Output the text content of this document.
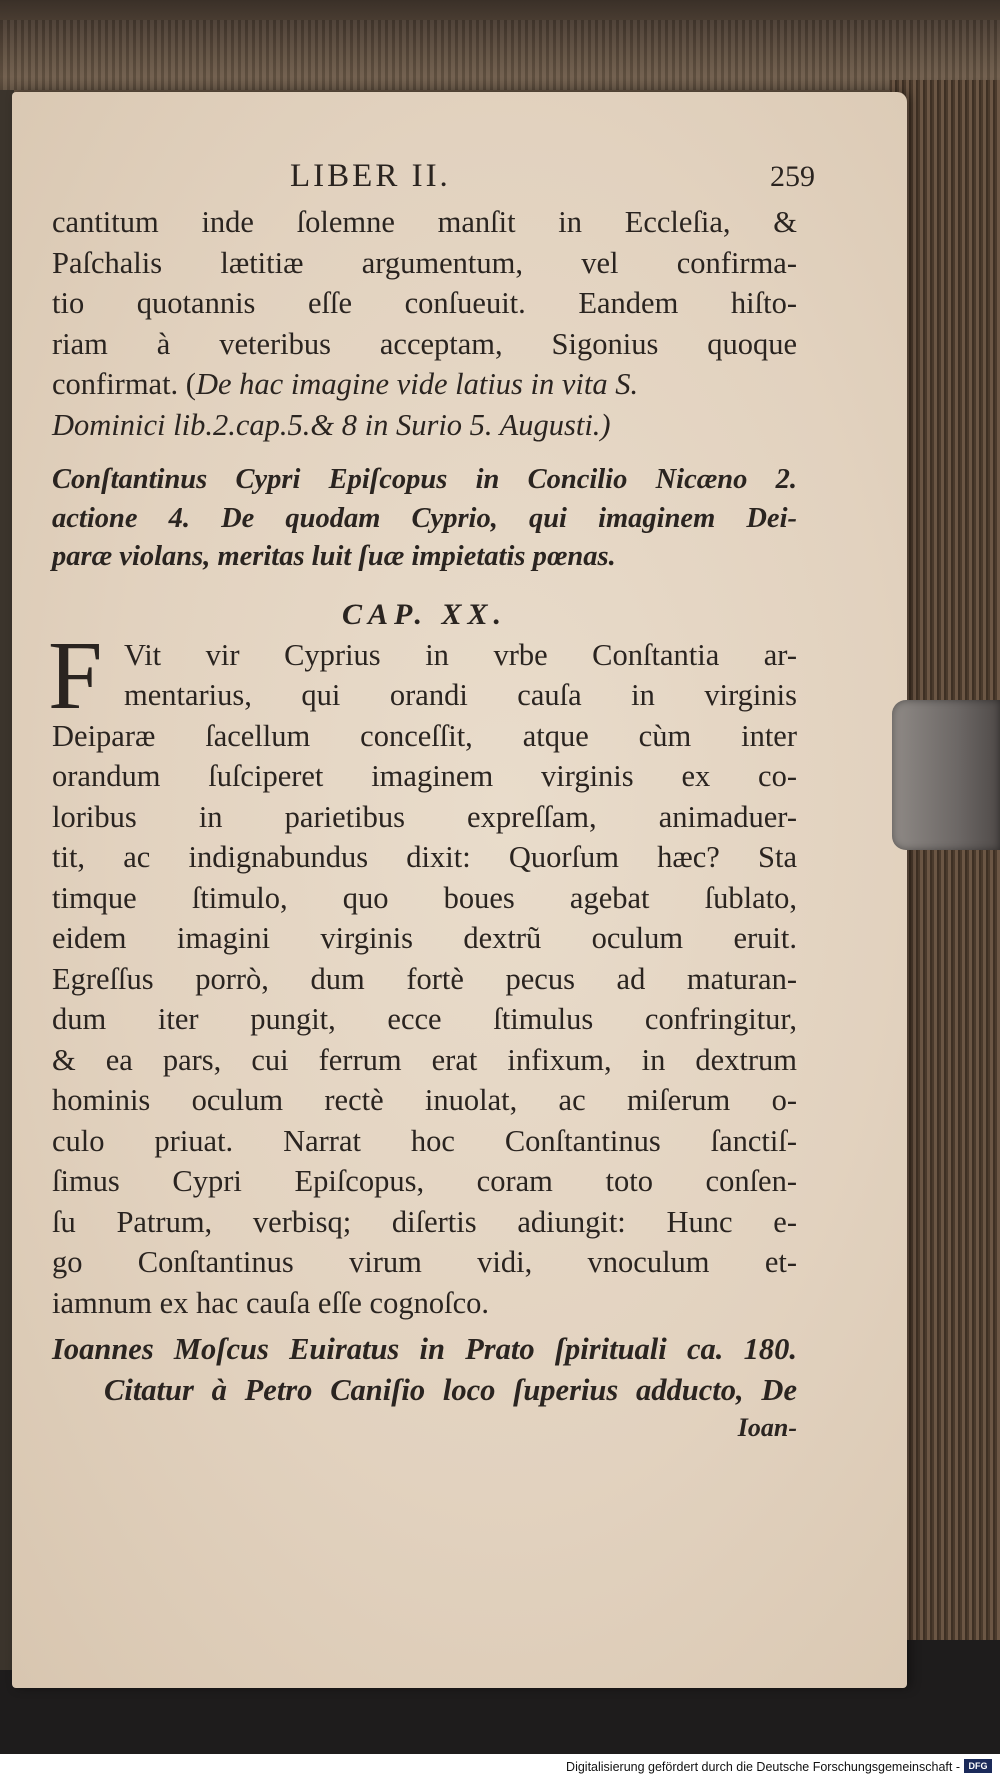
LIBER II.	259
cantitum inde ſolemne manſit in Eccleſia, &
Paſchalis lætitiæ argumentum, vel confirma-
tio quotannis eſſe conſueuit. Eandem hiſto-
riam à veteribus acceptam, Sigonius quoque
confirmat. (De hac imagine vide latius in vita S.
Dominici lib.2.cap.5.& 8 in Surio 5. Augusti.)
Conſtantinus Cypri Epiſcopus in Concilio Nicæno 2.
actione 4. De quodam Cyprio, qui imaginem Dei-
paræ violans, meritas luit ſuæ impietatis pœnas.
CAP. XX.
F Vit vir Cyprius in vrbe Conſtantia ar-
mentarius, qui orandi cauſa in virginis
Deiparæ ſacellum conceſſit, atque cùm inter
orandum ſuſciperet imaginem virginis ex co-
loribus in parietibus expreſſam, animaduer-
tit, ac indignabundus dixit: Quorſum hæc? Sta
timque ſtimulo, quo boues agebat ſublato,
eidem imagini virginis dextrũ oculum eruit.
Egreſſus porrò, dum fortè pecus ad maturan-
dum iter pungit, ecce ſtimulus confringitur,
& ea pars, cui ferrum erat infixum, in dextrum
hominis oculum rectè inuolat, ac miſerum o-
culo priuat. Narrat hoc Conſtantinus ſanctiſ-
ſimus Cypri Epiſcopus, coram toto conſen-
ſu Patrum, verbisq; diſertis adiungit: Hunc e-
go Conſtantinus virum vidi, vnoculum et-
iamnum ex hac cauſa eſſe cognoſco.
Ioannes Moſcus Euiratus in Prato ſpirituali ca. 180.
Citatur à Petro Caniſio loco ſuperius adducto, De
Ioan-
Digitalisierung gefördert durch die Deutsche Forschungsgemeinschaft - DFG
